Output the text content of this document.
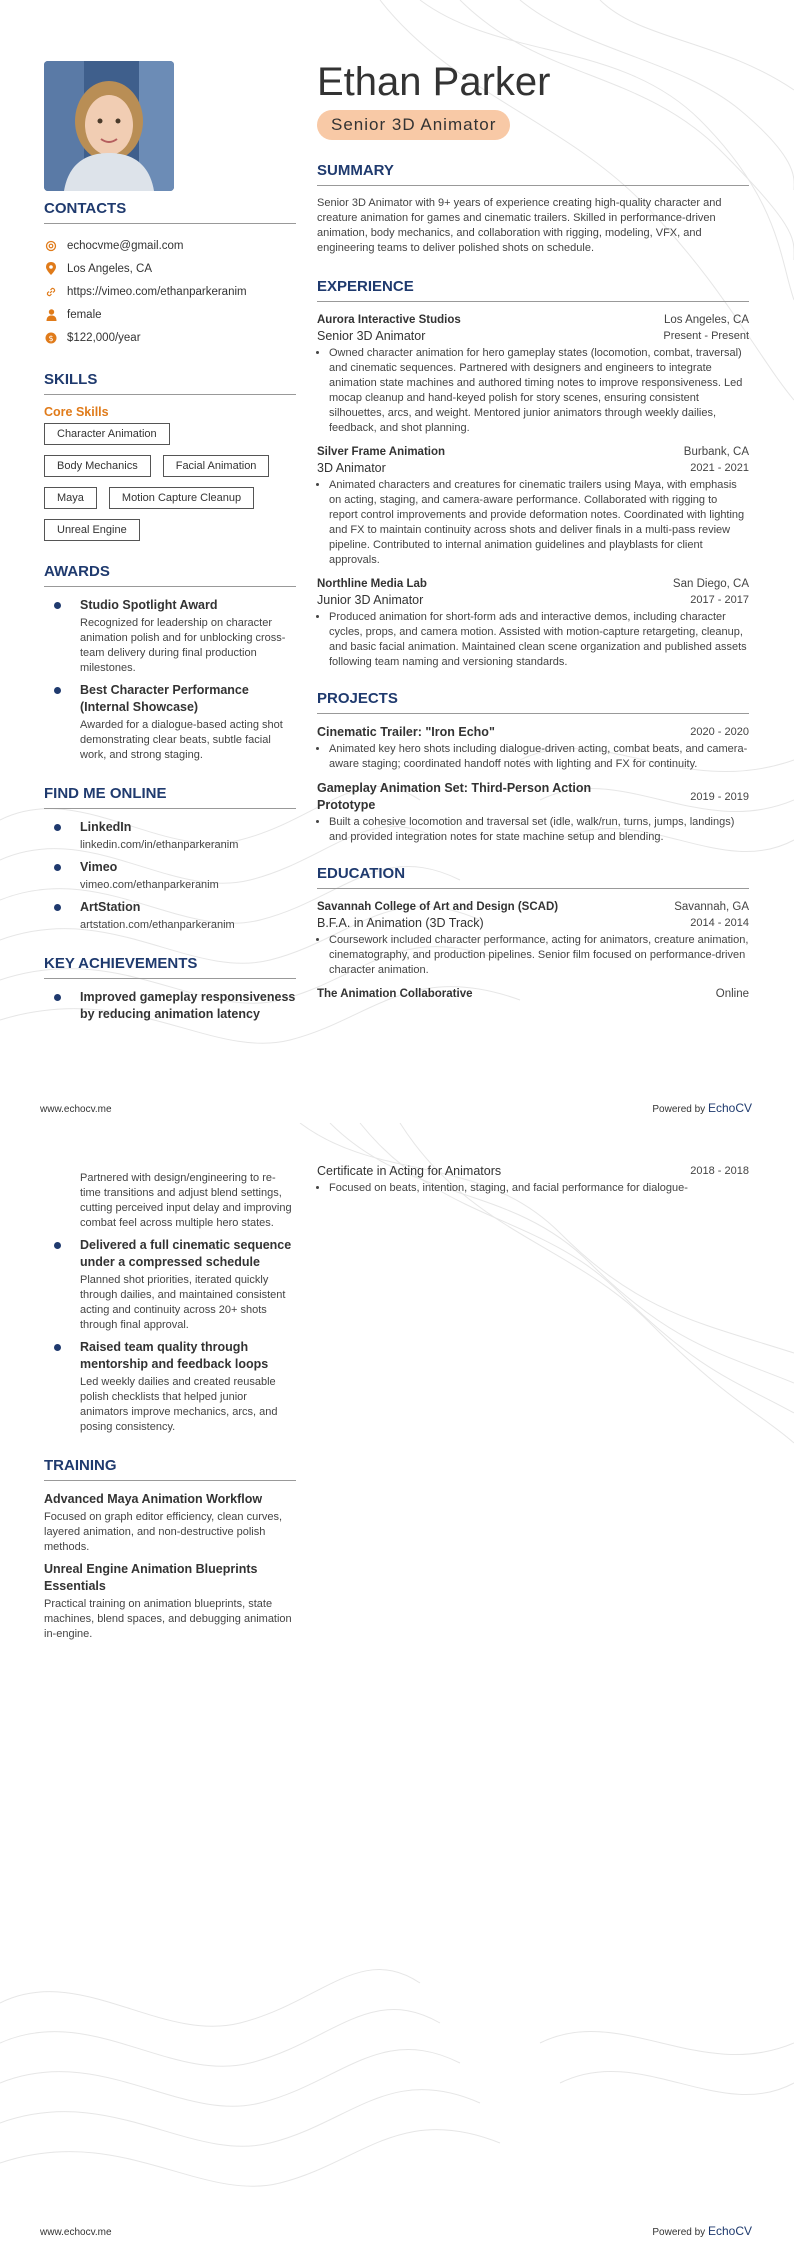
Ethan Parker
Senior 3D Animator
CONTACTS
echocvme@gmail.com
Los Angeles, CA
https://vimeo.com/ethanparkeranim
female
$ $122,000/year
SKILLS
Core Skills
Character Animation
Body Mechanics	Facial Animation
Maya	Motion Capture Cleanup
Unreal Engine
AWARDS
Studio Spotlight Award
Recognized for leadership on character animation polish and for unblocking cross-team delivery during final production milestones.
Best Character Performance (Internal Showcase)
Awarded for a dialogue-based acting shot demonstrating clear beats, subtle facial work, and strong staging.
FIND ME ONLINE
LinkedIn
linkedin.com/in/ethanparkeranim
Vimeo
vimeo.com/ethanparkeranim
ArtStation
artstation.com/ethanparkeranim
KEY ACHIEVEMENTS
Improved gameplay responsiveness by reducing animation latency
SUMMARY
Senior 3D Animator with 9+ years of experience creating high-quality character and creature animation for games and cinematic trailers. Skilled in performance-driven animation, body mechanics, and collaboration with rigging, modeling, VFX, and engineering teams to deliver polished shots on schedule.
EXPERIENCE
Aurora Interactive Studios	Los Angeles, CA
Senior 3D Animator	Present - Present
• Owned character animation for hero gameplay states (locomotion, combat, traversal) and cinematic sequences. Partnered with designers and engineers to integrate animation state machines and authored timing notes to improve responsiveness. Led mocap cleanup and hand-keyed polish for story scenes, ensuring consistent silhouettes, arcs, and weight. Mentored junior animators through weekly dailies, feedback, and shot planning.
Silver Frame Animation	Burbank, CA
3D Animator	2021 - 2021
• Animated characters and creatures for cinematic trailers using Maya, with emphasis on acting, staging, and camera-aware performance. Collaborated with rigging to report control improvements and provide deformation notes. Coordinated with lighting and FX to maintain continuity across shots and deliver finals in a multi-pass review pipeline. Contributed to internal animation guidelines and playblasts for client approvals.
Northline Media Lab	San Diego, CA
Junior 3D Animator	2017 - 2017
• Produced animation for short-form ads and interactive demos, including character cycles, props, and camera motion. Assisted with motion-capture retargeting, cleanup, and basic facial animation. Maintained clean scene organization and published assets following team naming and versioning standards.
PROJECTS
Cinematic Trailer: "Iron Echo"	2020 - 2020
• Animated key hero shots including dialogue-driven acting, combat beats, and camera-aware staging; coordinated handoff notes with lighting and FX for continuity.
Gameplay Animation Set: Third-Person Action Prototype
2019 - 2019
• Built a cohesive locomotion and traversal set (idle, walk/run, turns, jumps, landings) and provided integration notes for state machine setup and blending.
EDUCATION
Savannah College of Art and Design (SCAD)	Savannah, GA
B.F.A. in Animation (3D Track)	2014 - 2014
• Coursework included character performance, acting for animators, creature animation, cinematography, and production pipelines. Senior film focused on performance-driven character animation.
The Animation Collaborative	Online
www.echocv.me	Powered by EchoCV
Partnered with design/engineering to re-time transitions and adjust blend settings, cutting perceived input delay and improving combat feel across multiple hero states.
Delivered a full cinematic sequence under a compressed schedule
Planned shot priorities, iterated quickly through dailies, and maintained consistent acting and continuity across 20+ shots through final approval.
Raised team quality through mentorship and feedback loops
Led weekly dailies and created reusable polish checklists that helped junior animators improve mechanics, arcs, and posing consistency.
TRAINING
Advanced Maya Animation Workflow
Focused on graph editor efficiency, clean curves, layered animation, and non-destructive polish methods.
Unreal Engine Animation Blueprints Essentials
Practical training on animation blueprints, state machines, blend spaces, and debugging animation in-engine.
Certificate in Acting for Animators	2018 - 2018
• Focused on beats, intention, staging, and facial performance for dialogue-
www.echocv.me	Powered by EchoCV
